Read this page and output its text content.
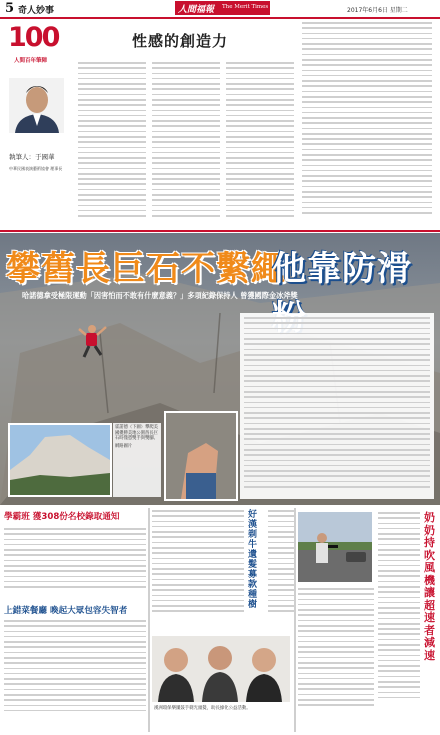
5 奇人妙事	人間福報 The Merit Times	2017年6月6日 星期二
100
人間百年筆陣
性感的創造力
執筆人：于國華
中華民國表演藝術協會 理事長
攀舊長巨石不繫繩
他靠防滑
哈諾德拿受極限運動「因害怕而不敢有什麼意義？」多項紀錄保持人 曾獲國際金冰斧獎
霍諾德（下圖）攀爬美國優勝美地公園酋長巨石時僅憑雙手與雙腳。
網路圖片
學霸班 獲308份名校錄取通知
上錯菜餐廳 喚起大眾包容失智者
好漢剃牛 遺髮 募款 種樹
漢洲環保樂團鼓手剃光頭髮，助長綠化公益活動。
奶奶持吹風機 讓超速者減速
